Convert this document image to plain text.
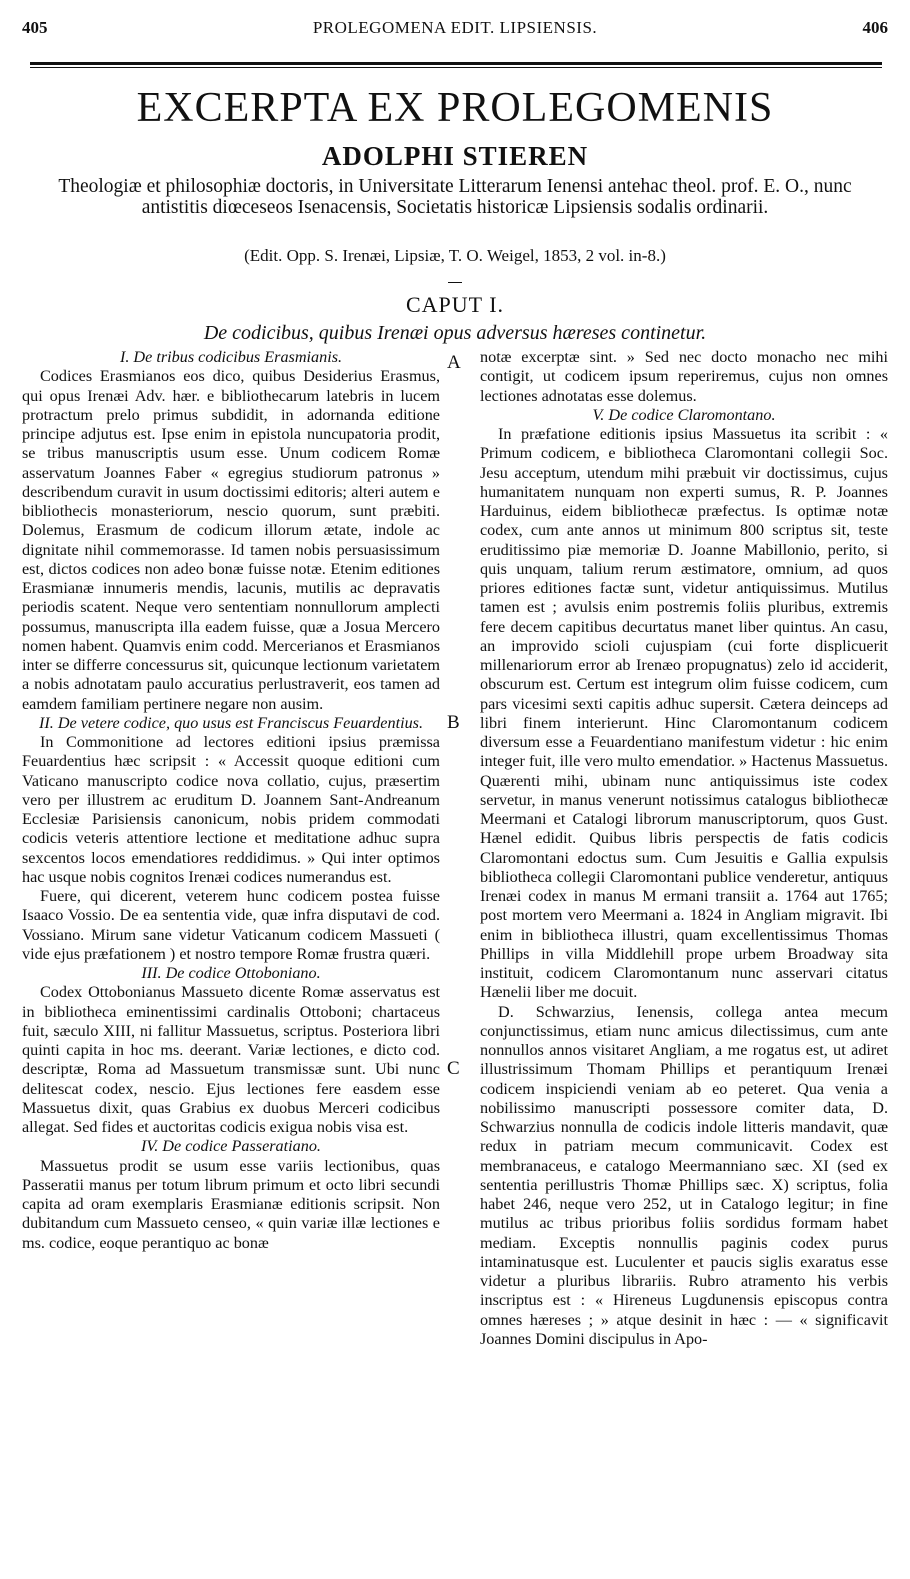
405	PROLEGOMENA EDIT. LIPSIENSIS.	406
EXCERPTA EX PROLEGOMENIS
ADOLPHI STIEREN
Theologiæ et philosophiæ doctoris, in Universitate Litterarum Ienensi antehac theol. prof. E. O., nunc antistitis diœceseos Isenacensis, Societatis historicæ Lipsiensis sodalis ordinarii.
(Edit. Opp. S. Irenæi, Lipsiæ, T. O. Weigel, 1853, 2 vol. in-8.)
CAPUT I.
De codicibus, quibus Irenæi opus adversus hæreses continetur.
I. De tribus codicibus Erasmianis.

Codices Erasmianos eos dico, quibus Desiderius Erasmus, qui opus Irenæi Adv. hær. e bibliothecarum latebris in lucem protractum prelo primus subdidit, in adornanda editione principe adjutus est. Ipse enim in epistola nuncupatoria prodit, se tribus manuscriptis usum esse. Unum codicem Romæ asservatum Joannes Faber « egregius studiorum patronus » describendum curavit in usum doctissimi editoris; alteri autem e bibliothecis monasteriorum, nescio quorum, sunt præbiti. Dolemus, Erasmum de codicum illorum ætate, indole ac dignitate nihil commemorasse. Id tamen nobis persuasissimum est, dictos codices non adeo bonæ fuisse notæ. Etenim editiones Erasmianæ innumeris mendis, lacunis, mutilis ac depravatis periodis scatent. Neque vero sententiam nonnullorum amplecti possumus, manuscripta illa eadem fuisse, quæ a Josua Mercero nomen habent. Quamvis enim codd. Mercerianos et Erasmianos inter se differre concessurus sit, quicunque lectionum varietatem a nobis adnotatam paulo accuratius perlustraverit, eos tamen ad eamdem familiam pertinere negare non ausim.

II. De vetere codice, quo usus est Franciscus Feuardentius.

In Commonitione ad lectores editioni ipsius præmissa Feuardentius hæc scripsit : « Accessit quoque editioni cum Vaticano manuscripto codice nova collatio, cujus, præsertim vero per illustrem ac eruditum D. Joannem Sant-Andreanum Ecclesiæ Parisiensis canonicum, nobis pridem commodati codicis veteris attentiore lectione et meditatione adhuc supra sexcentos locos emendatiores reddidimus. » Qui inter optimos hac usque nobis cognitos Irenæi codices numerandus est.

Fuere, qui dicerent, veterem hunc codicem postea fuisse Isaaco Vossio. De ea sententia vide, quæ infra disputavi de cod. Vossiano. Mirum sane videtur Vaticanum codicem Massueti ( vide ejus præfationem ) et nostro tempore Romæ frustra quæri.

III. De codice Ottoboniano.

Codex Ottobonianus Massueto dicente Romæ asservatus est in bibliotheca eminentissimi cardinalis Ottoboni; chartaceus fuit, sæculo XIII, ni fallitur Massuetus, scriptus. Posteriora libri quinti capita in hoc ms. deerant. Variæ lectiones, e dicto cod. descriptæ, Roma ad Massuetum transmissæ sunt. Ubi nunc delitescat codex, nescio. Ejus lectiones fere easdem esse Massuetus dixit, quas Grabius ex duobus Merceri codicibus allegat. Sed fides et auctoritas codicis exigua nobis visa est.

IV. De codice Passeratiano.

Massuetus prodit se usum esse variis lectionibus, quas Passeratii manus per totum librum primum et octo libri secundi capita ad oram exemplaris Erasmianæ editionis scripsit. Non dubitandum cum Massueto censeo, « quin variæ illæ lectiones e ms. codice, eoque perantiquo ac bonæ

A
B
C

notæ excerptæ sint. » Sed nec docto monacho nec mihi contigit, ut codicem ipsum reperiremus, cujus non omnes lectiones adnotatas esse dolemus.

V. De codice Claromontano.

In præfatione editionis ipsius Massuetus ita scribit : « Primum codicem, e bibliotheca Claromontani collegii Soc. Jesu acceptum, utendum mihi præbuit vir doctissimus, cujus humanitatem nunquam non experti sumus, R. P. Joannes Harduinus, eidem bibliothecæ præfectus. Is optimæ notæ codex, cum ante annos ut minimum 800 scriptus sit, teste eruditissimo piæ memoriæ D. Joanne Mabillonio, perito, si quis unquam, talium rerum æstimatore, omnium, ad quos priores editiones factæ sunt, videtur antiquissimus. Mutilus tamen est ; avulsis enim postremis foliis pluribus, extremis fere decem capitibus decurtatus manet liber quintus. An casu, an improvido scioli cujuspiam (cui forte displicuerit millenariorum error ab Irenæo propugnatus) zelo id acciderit, obscurum est. Certum est integrum olim fuisse codicem, cum pars vicesimi sexti capitis adhuc supersit. Cætera deinceps ad libri finem interierunt. Hinc Claromontanum codicem diversum esse a Feuardentiano manifestum videtur : hic enim integer fuit, ille vero multo emendatior. » Hactenus Massuetus. Quærenti mihi, ubinam nunc antiquissimus iste codex servetur, in manus venerunt notissimus catalogus bibliothecæ Meermani et Catalogi librorum manuscriptorum, quos Gust. Hænel edidit. Quibus libris perspectis de fatis codicis Claromontani edoctus sum. Cum Jesuitis e Gallia expulsis bibliotheca collegii Claromontani publice venderetur, antiquus Irenæi codex in manus M ermani transiit a. 1764 aut 1765; post mortem vero Meermani a. 1824 in Angliam migravit. Ibi enim in bibliotheca illustri, quam excellentissimus Thomas Phillips in villa Middlehill prope urbem Broadway sita instituit, codicem Claromontanum nunc asservari citatus Hænelii liber me docuit.

D. Schwarzius, Ienensis, collega antea mecum conjunctissimus, etiam nunc amicus dilectissimus, cum ante nonnullos annos visitaret Angliam, a me rogatus est, ut adiret illustrissimum Thomam Phillips et perantiquum Irenæi codicem inspiciendi veniam ab eo peteret. Qua venia a nobilissimo manuscripti possessore comiter data, D. Schwarzius nonnulla de codicis indole litteris mandavit, quæ redux in patriam mecum communicavit. Codex est membranaceus, e catalogo Meermanniano sæc. XI (sed ex sententia perillustris Thomæ Phillips sæc. X) scriptus, folia habet 246, neque vero 252, ut in Catalogo legitur; in fine mutilus ac tribus prioribus foliis sordidus formam habet mediam. Exceptis nonnullis paginis codex purus intaminatusque est. Luculenter et paucis siglis exaratus esse videtur a pluribus librariis. Rubro atramento his verbis inscriptus est : « Hireneus Lugdunensis episcopus contra omnes hæreses ; » atque desinit in hæc : — « significavit Joannes Domini discipulus in Apo-
